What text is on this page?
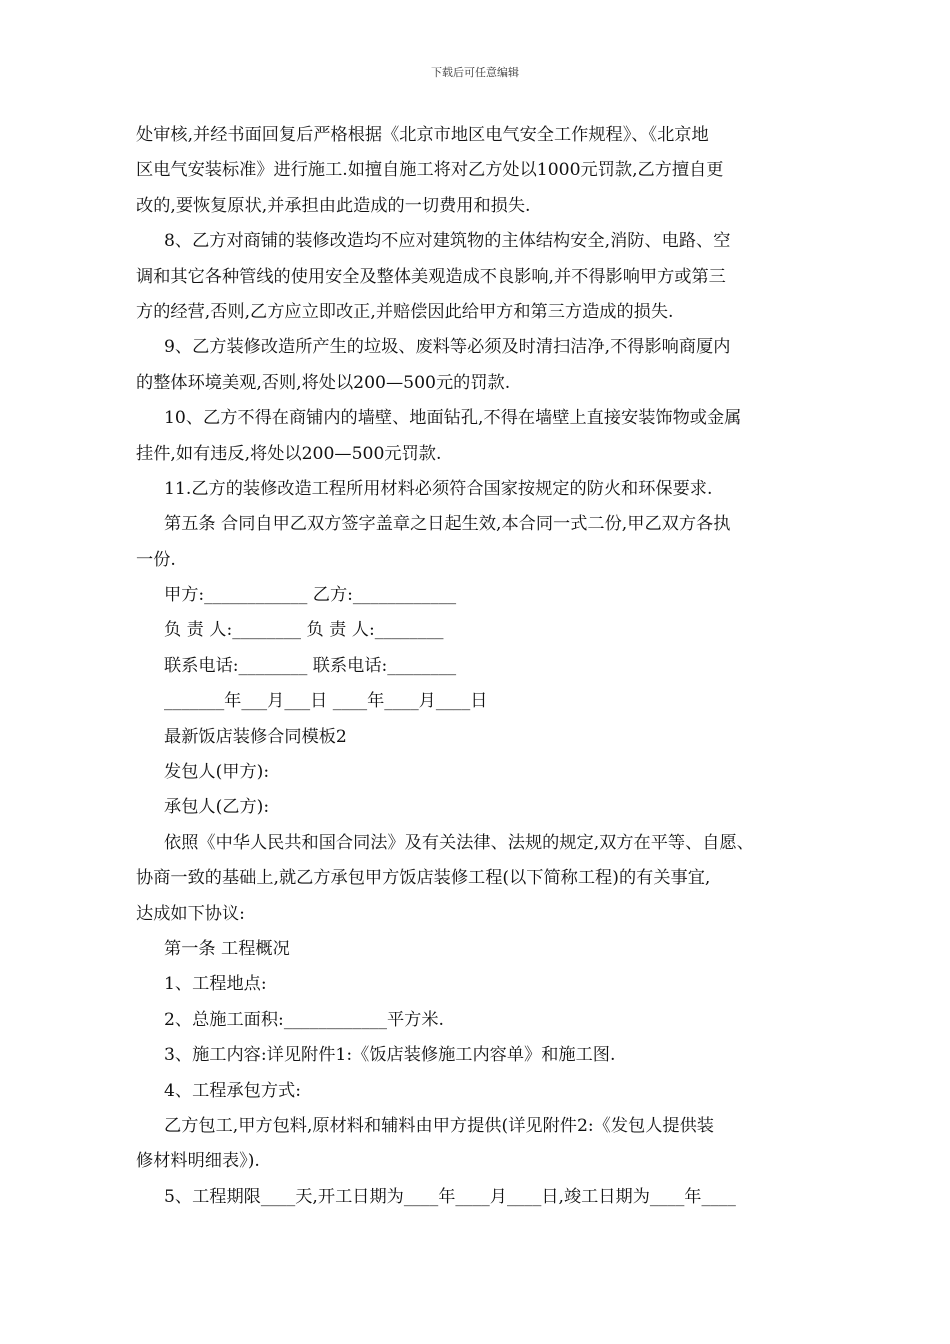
下载后可任意编辑
处审核,并经书面回复后严格根据《北京市地区电气安全工作规程》、《北京地
区电气安装标准》进行施工.如擅自施工将对乙方处以1000元罚款,乙方擅自更
改的,要恢复原状,并承担由此造成的一切费用和损失.
8、乙方对商铺的装修改造均不应对建筑物的主体结构安全,消防、电路、空
调和其它各种管线的使用安全及整体美观造成不良影响,并不得影响甲方或第三
方的经营,否则,乙方应立即改正,并赔偿因此给甲方和第三方造成的损失.
9、乙方装修改造所产生的垃圾、废料等必须及时清扫洁净,不得影响商厦内
的整体环境美观,否则,将处以200—500元的罚款.
10、乙方不得在商铺内的墙壁、地面钻孔,不得在墙壁上直接安装饰物或金属
挂件,如有违反,将处以200—500元罚款.
11.乙方的装修改造工程所用材料必须符合国家按规定的防火和环保要求.
第五条 合同自甲乙双方签字盖章之日起生效,本合同一式二份,甲乙双方各执
一份.
甲方:____________ 乙方:____________
负 责 人:________ 负 责 人:________
联系电话:________ 联系电话:________
_______年___月___日 ____年____月____日
最新饭店装修合同模板2
发包人(甲方):
承包人(乙方):
依照《中华人民共和国合同法》及有关法律、法规的规定,双方在平等、自愿、
协商一致的基础上,就乙方承包甲方饭店装修工程(以下简称工程)的有关事宜,
达成如下协议:
第一条 工程概况
1、工程地点:
2、总施工面积:____________平方米.
3、施工内容:详见附件1:《饭店装修施工内容单》和施工图.
4、工程承包方式:
乙方包工,甲方包料,原材料和辅料由甲方提供(详见附件2:《发包人提供装
修材料明细表》).
5、工程期限____天,开工日期为____年____月____日,竣工日期为____年____
